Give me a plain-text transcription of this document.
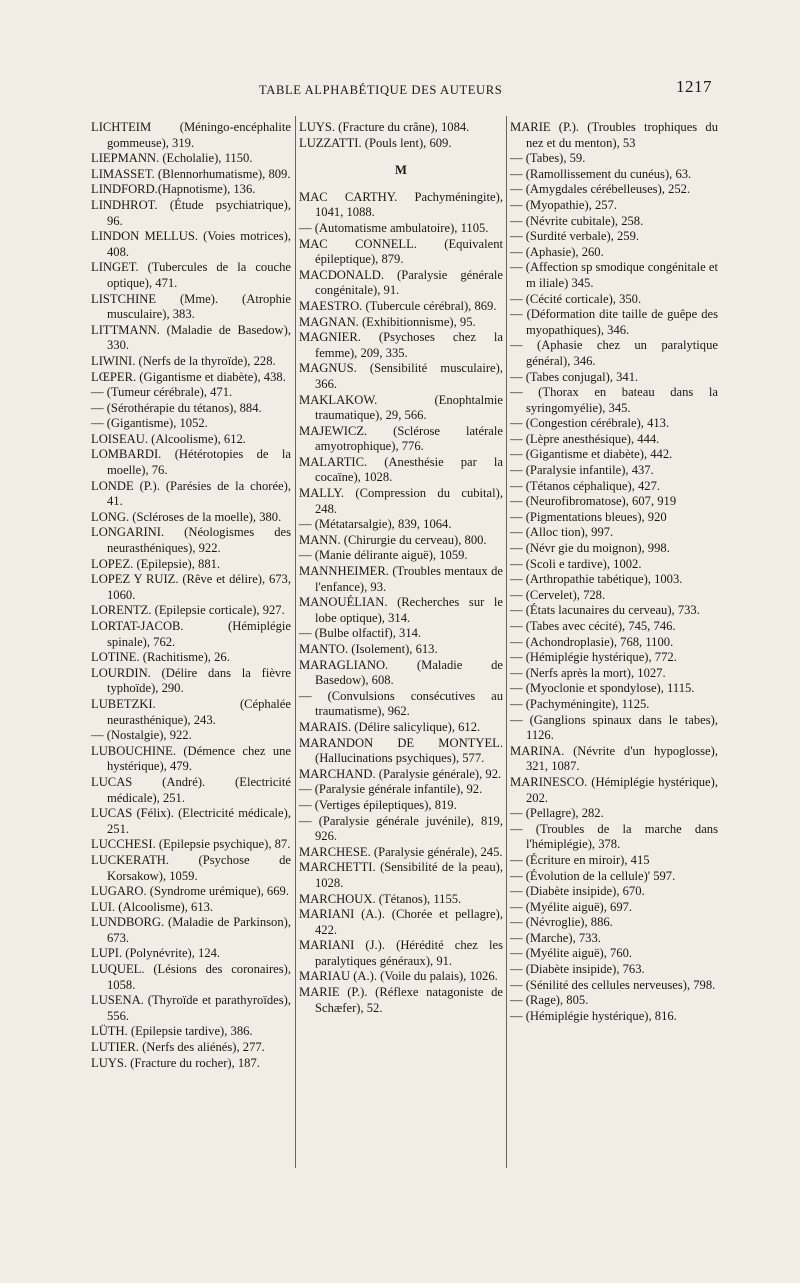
TABLE ALPHABÉTIQUE DES AUTEURS	1217

LICHTEIM (Méningo-encéphalite gommeuse), 319.

LIEPMANN. (Echolalie), 1150.

LIMASSET. (Blennorhumatisme), 809.

LINDFORD.(Hapnotisme), 136.

LINDHROT. (Étude psychiatrique), 96.

LINDON MELLUS. (Voies motrices), 408.

LINGET. (Tubercules de la couche optique), 471.

LISTCHINE (Mme). (Atrophie musculaire), 383.

LITTMANN. (Maladie de Basedow), 330.

LIWINI. (Nerfs de la thyroïde), 228.

LŒPER. (Gigantisme et diabète), 438.

— (Tumeur cérébrale), 471.

— (Sérothérapie du tétanos), 884.

— (Gigantisme), 1052.

LOISEAU. (Alcoolisme), 612.

LOMBARDI. (Hétérotopies de la moelle), 76.

LONDE (P.). (Parésies de la chorée), 41.

LONG. (Scléroses de la moelle), 380.

LONGARINI. (Néologismes des neurasthéniques), 922.

LOPEZ. (Epilepsie), 881.

LOPEZ Y RUIZ. (Rêve et délire), 673, 1060.

LORENTZ. (Epilepsie corticale), 927.

LORTAT-JACOB. (Hémiplégie spinale), 762.

LOTINE. (Rachitisme), 26.

LOURDIN. (Délire dans la fièvre typhoïde), 290.

LUBETZKI. (Céphalée neurasthénique), 243.

— (Nostalgie), 922.

LUBOUCHINE. (Démence chez une hystérique), 479.

LUCAS (André). (Electricité médicale), 251.

LUCAS (Félix). (Electricité médicale), 251.

LUCCHESI. (Epilepsie psychique), 87.

LUCKERATH. (Psychose de Korsakow), 1059.

LUGARO. (Syndrome urémique), 669.

LUI. (Alcoolisme), 613.

LUNDBORG. (Maladie de Parkinson), 673.

LUPI. (Polynévrite), 124.

LUQUEL. (Lésions des coronaires), 1058.

LUSENA. (Thyroïde et parathyroïdes), 556.

LÜTH. (Epilepsie tardive), 386.

LUTIER. (Nerfs des aliénés), 277.

LUYS. (Fracture du rocher), 187.

LUYS. (Fracture du crâne), 1084.

LUZZATTI. (Pouls lent), 609.

M

MAC CARTHY. Pachyméningite), 1041, 1088.

— (Automatisme ambulatoire), 1105.

MAC CONNELL. (Equivalent épileptique), 879.

MACDONALD. (Paralysie générale congénitale), 91.

MAESTRO. (Tubercule cérébral), 869.

MAGNAN. (Exhibitionnisme), 95.

MAGNIER. (Psychoses chez la femme), 209, 335.

MAGNUS. (Sensibilité musculaire), 366.

MAKLAKOW. (Enophtalmie traumatique), 29, 566.

MAJEWICZ. (Sclérose latérale amyotrophique), 776.

MALARTIC. (Anesthésie par la cocaïne), 1028.

MALLY. (Compression du cubital), 248.

— (Métatarsalgie), 839, 1064.

MANN. (Chirurgie du cerveau), 800.

— (Manie délirante aiguë), 1059.

MANNHEIMER. (Troubles mentaux de l'enfance), 93.

MANOUÉLIAN. (Recherches sur le lobe optique), 314.

— (Bulbe olfactif), 314.

MANTO. (Isolement), 613.

MARAGLIANO. (Maladie de Basedow), 608.

— (Convulsions consécutives au traumatisme), 962.

MARAIS. (Délire salicylique), 612.

MARANDON DE MONTYEL. (Hallucinations psychiques), 577.

MARCHAND. (Paralysie générale), 92.

— (Paralysie générale infantile), 92.

— (Vertiges épileptiques), 819.

— (Paralysie générale juvénile), 819, 926.

MARCHESE. (Paralysie générale), 245.

MARCHETTI. (Sensibilité de la peau), 1028.

MARCHOUX. (Tétanos), 1155.

MARIANI (A.). (Chorée et pellagre), 422.

MARIANI (J.). (Hérédité chez les paralytiques généraux), 91.

MARIAU (A.). (Voile du palais), 1026.

MARIE (P.). (Réflexe natagoniste de Schæfer), 52.

MARIE (P.). (Troubles trophiques du nez et du menton), 53

— (Tabes), 59.

— (Ramollissement du cunéus), 63.

— (Amygdales cérébelleuses), 252.

— (Myopathie), 257.

— (Névrite cubitale), 258.

— (Surdité verbale), 259.

— (Aphasie), 260.

— (Affection sp smodique congénitale et m iliale) 345.

— (Cécité corticale), 350.

— (Déformation dite taille de guêpe des myopathiques), 346.

— (Aphasie chez un paralytique général), 346.

— (Tabes conjugal), 341.

— (Thorax en bateau dans la syringomyélie), 345.

— (Congestion cérébrale), 413.

— (Lèpre anesthésique), 444.

— (Gigantisme et diabète), 442.

— (Paralysie infantile), 437.

— (Tétanos céphalique), 427.

— (Neurofibromatose), 607, 919

— (Pigmentations bleues), 920

— (Alloc tion), 997.

— (Névr gie du moignon), 998.

— (Scoli e tardive), 1002.

— (Arthropathie tabétique), 1003.

— (Cervelet), 728.

— (États lacunaires du cerveau), 733.

— (Tabes avec cécité), 745, 746.

— (Achondroplasie), 768, 1100.

— (Hémiplégie hystérique), 772.

— (Nerfs après la mort), 1027.

— (Myoclonie et spondylose), 1115.

— (Pachyméningite), 1125.

— (Ganglions spinaux dans le tabes), 1126.

MARINA. (Névrite d'un hypoglosse), 321, 1087.

MARINESCO. (Hémiplégie hystérique), 202.

— (Pellagre), 282.

— (Troubles de la marche dans l'hémiplégie), 378.

— (Écriture en miroir), 415

— (Évolution de la cellule)' 597.

— (Diabète insipide), 670.

— (Myélite aiguë), 697.

— (Névroglie), 886.

— (Marche), 733.

— (Myélite aiguë), 760.

— (Diabète insipide), 763.

— (Sénilité des cellules nerveuses), 798.

— (Rage), 805.

— (Hémiplégie hystérique), 816.
